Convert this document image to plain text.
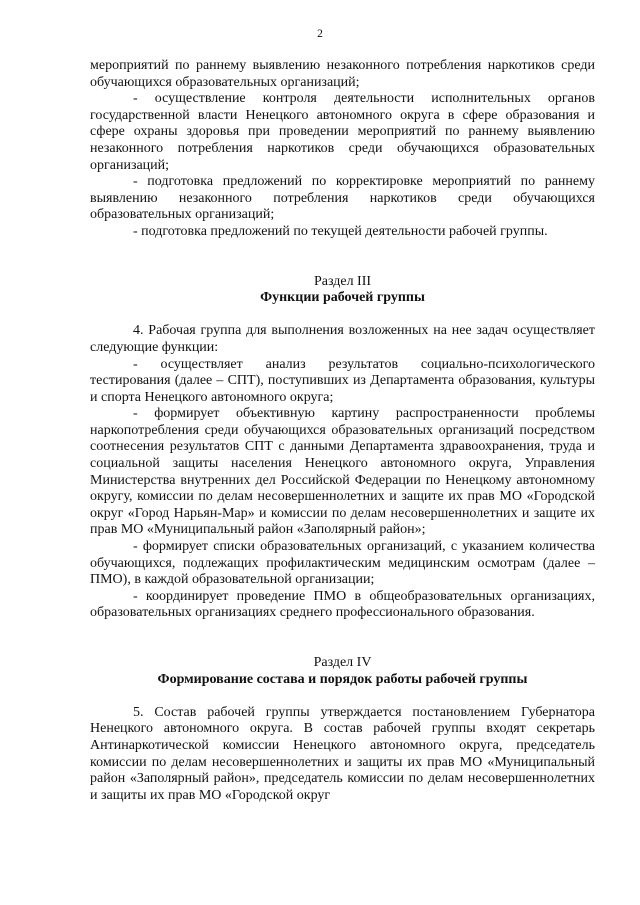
2

мероприятий по раннему выявлению незаконного потребления наркотиков среди обучающихся образовательных организаций;

- осуществление контроля деятельности исполнительных органов государственной власти Ненецкого автономного округа в сфере образования и сфере охраны здоровья при проведении мероприятий по раннему выявлению незаконного потребления наркотиков среди обучающихся образовательных организаций;

- подготовка предложений по корректировке мероприятий по раннему выявлению незаконного потребления наркотиков среди обучающихся образовательных организаций;

- подготовка предложений по текущей деятельности рабочей группы.

Раздел III

Функции рабочей группы

4. Рабочая группа для выполнения возложенных на нее задач осуществляет следующие функции:

- осуществляет анализ результатов социально-психологического тестирования (далее – СПТ), поступивших из Департамента образования, культуры и спорта Ненецкого автономного округа;

- формирует объективную картину распространенности проблемы наркопотребления среди обучающихся образовательных организаций посредством соотнесения результатов СПТ с данными Департамента здравоохранения, труда и социальной защиты населения Ненецкого автономного округа, Управления Министерства внутренних дел Российской Федерации по Ненецкому автономному округу, комиссии по делам несовершеннолетних и защите их прав МО «Городской округ «Город Нарьян-Мар» и комиссии по делам несовершеннолетних и защите их прав МО «Муниципальный район «Заполярный район»;

- формирует списки образовательных организаций, с указанием количества обучающихся, подлежащих профилактическим медицинским осмотрам (далее – ПМО), в каждой образовательной организации;

- координирует проведение ПМО в общеобразовательных организациях, образовательных организациях среднего профессионального образования.

Раздел IV

Формирование состава и порядок работы рабочей группы

5. Состав рабочей группы утверждается постановлением Губернатора Ненецкого автономного округа. В состав рабочей группы входят секретарь Антинаркотической комиссии Ненецкого автономного округа, председатель комиссии по делам несовершеннолетних и защиты их прав МО «Муниципальный район «Заполярный район», председатель комиссии по делам несовершеннолетних и защиты их прав МО «Городской округ
